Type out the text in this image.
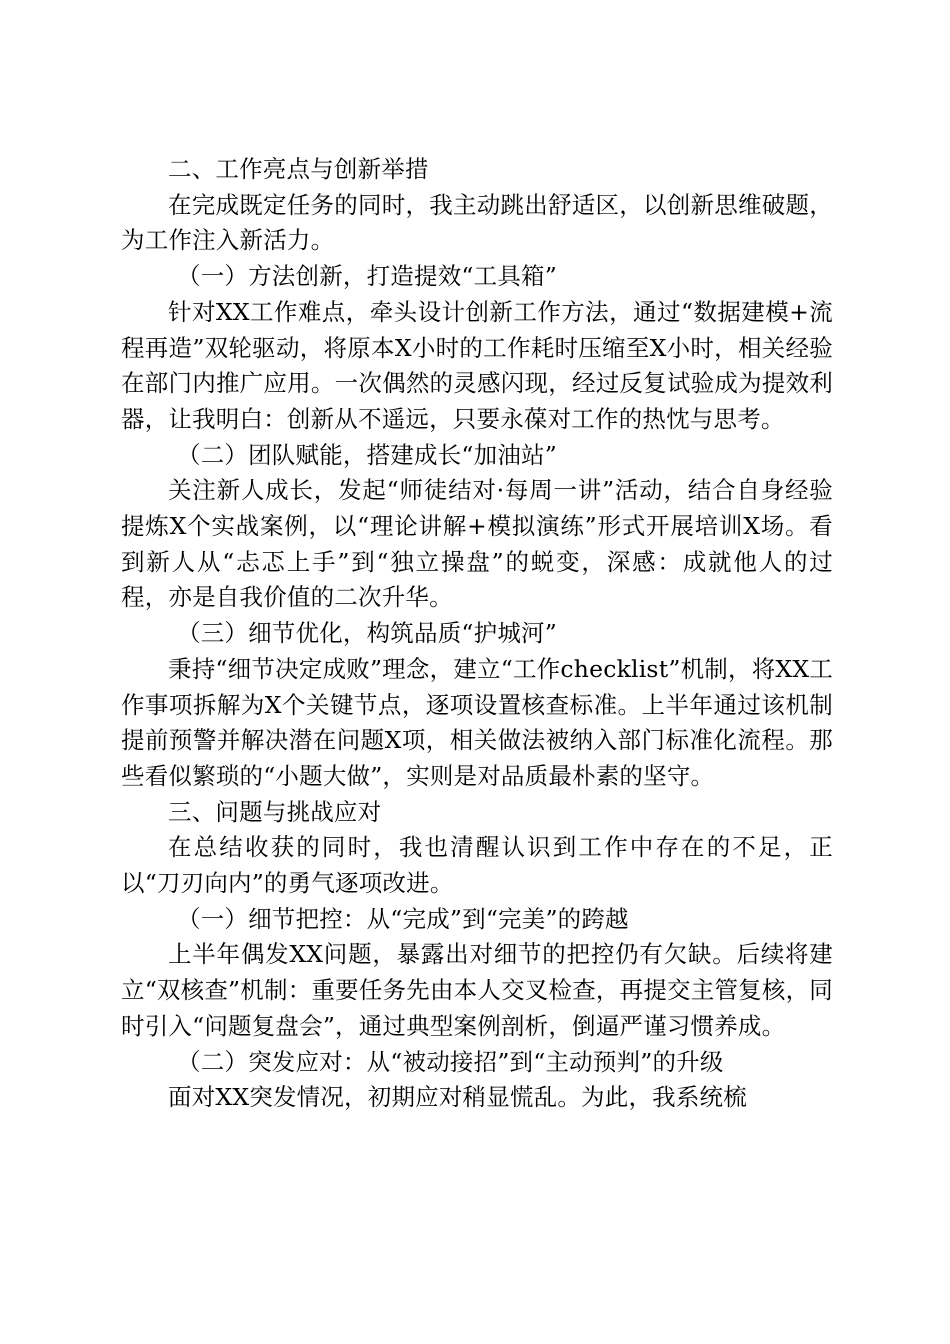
二、工作亮点与创新举措

在完成既定任务的同时，我主动跳出舒适区，以创新思维破题，为工作注入新活力。

（一）方法创新，打造提效“工具箱”

针对XX工作难点，牵头设计创新工作方法，通过“数据建模+流程再造”双轮驱动，将原本X小时的工作耗时压缩至X小时，相关经验在部门内推广应用。一次偶然的灵感闪现，经过反复试验成为提效利器，让我明白：创新从不遥远，只要永葆对工作的热忱与思考。

（二）团队赋能，搭建成长“加油站”

关注新人成长，发起“师徒结对·每周一讲”活动，结合自身经验提炼X个实战案例，以“理论讲解+模拟演练”形式开展培训X场。看到新人从“忐忑上手”到“独立操盘”的蜕变，深感：成就他人的过程，亦是自我价值的二次升华。

（三）细节优化，构筑品质“护城河”

秉持“细节决定成败”理念，建立“工作checklist”机制，将XX工作事项拆解为X个关键节点，逐项设置核查标准。上半年通过该机制提前预警并解决潜在问题X项，相关做法被纳入部门标准化流程。那些看似繁琐的“小题大做”，实则是对品质最朴素的坚守。

三、问题与挑战应对

在总结收获的同时，我也清醒认识到工作中存在的不足，正以“刀刃向内”的勇气逐项改进。

（一）细节把控：从“完成”到“完美”的跨越

上半年偶发XX问题，暴露出对细节的把控仍有欠缺。后续将建立“双核查”机制：重要任务先由本人交叉检查，再提交主管复核，同时引入“问题复盘会”，通过典型案例剖析，倒逼严谨习惯养成。

（二）突发应对：从“被动接招”到“主动预判”的升级

面对XX突发情况，初期应对稍显慌乱。为此，我系统梳
